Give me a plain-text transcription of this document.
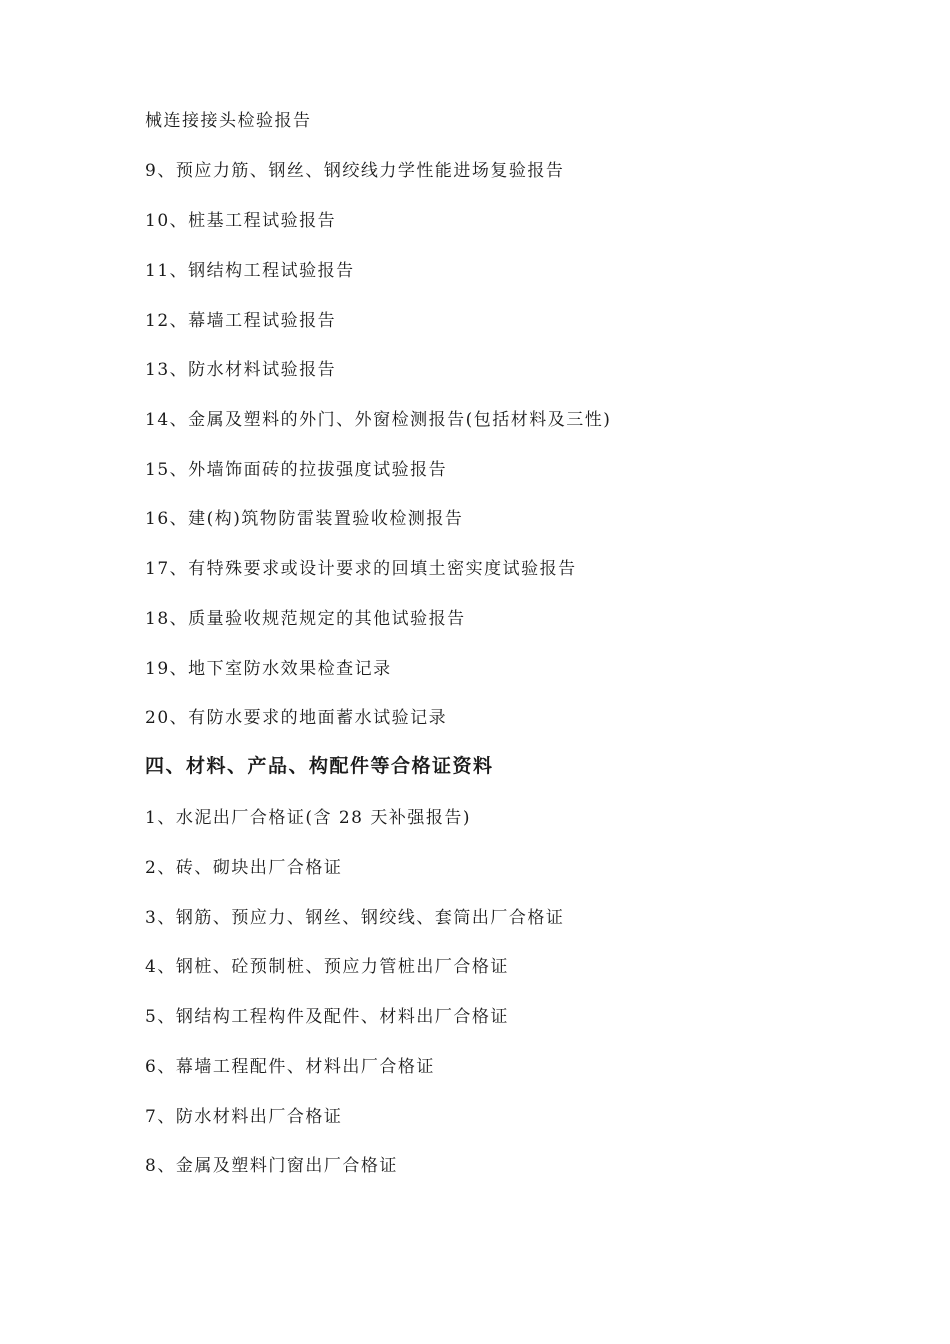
械连接接头检验报告
9、预应力筋、钢丝、钢绞线力学性能进场复验报告
10、桩基工程试验报告
11、钢结构工程试验报告
12、幕墙工程试验报告
13、防水材料试验报告
14、金属及塑料的外门、外窗检测报告(包括材料及三性)
15、外墙饰面砖的拉拔强度试验报告
16、建(构)筑物防雷装置验收检测报告
17、有特殊要求或设计要求的回填土密实度试验报告
18、质量验收规范规定的其他试验报告
19、地下室防水效果检查记录
20、有防水要求的地面蓄水试验记录
四、材料、产品、构配件等合格证资料
1、水泥出厂合格证(含 28 天补强报告)
2、砖、砌块出厂合格证
3、钢筋、预应力、钢丝、钢绞线、套筒出厂合格证
4、钢桩、砼预制桩、预应力管桩出厂合格证
5、钢结构工程构件及配件、材料出厂合格证
6、幕墙工程配件、材料出厂合格证
7、防水材料出厂合格证
8、金属及塑料门窗出厂合格证
